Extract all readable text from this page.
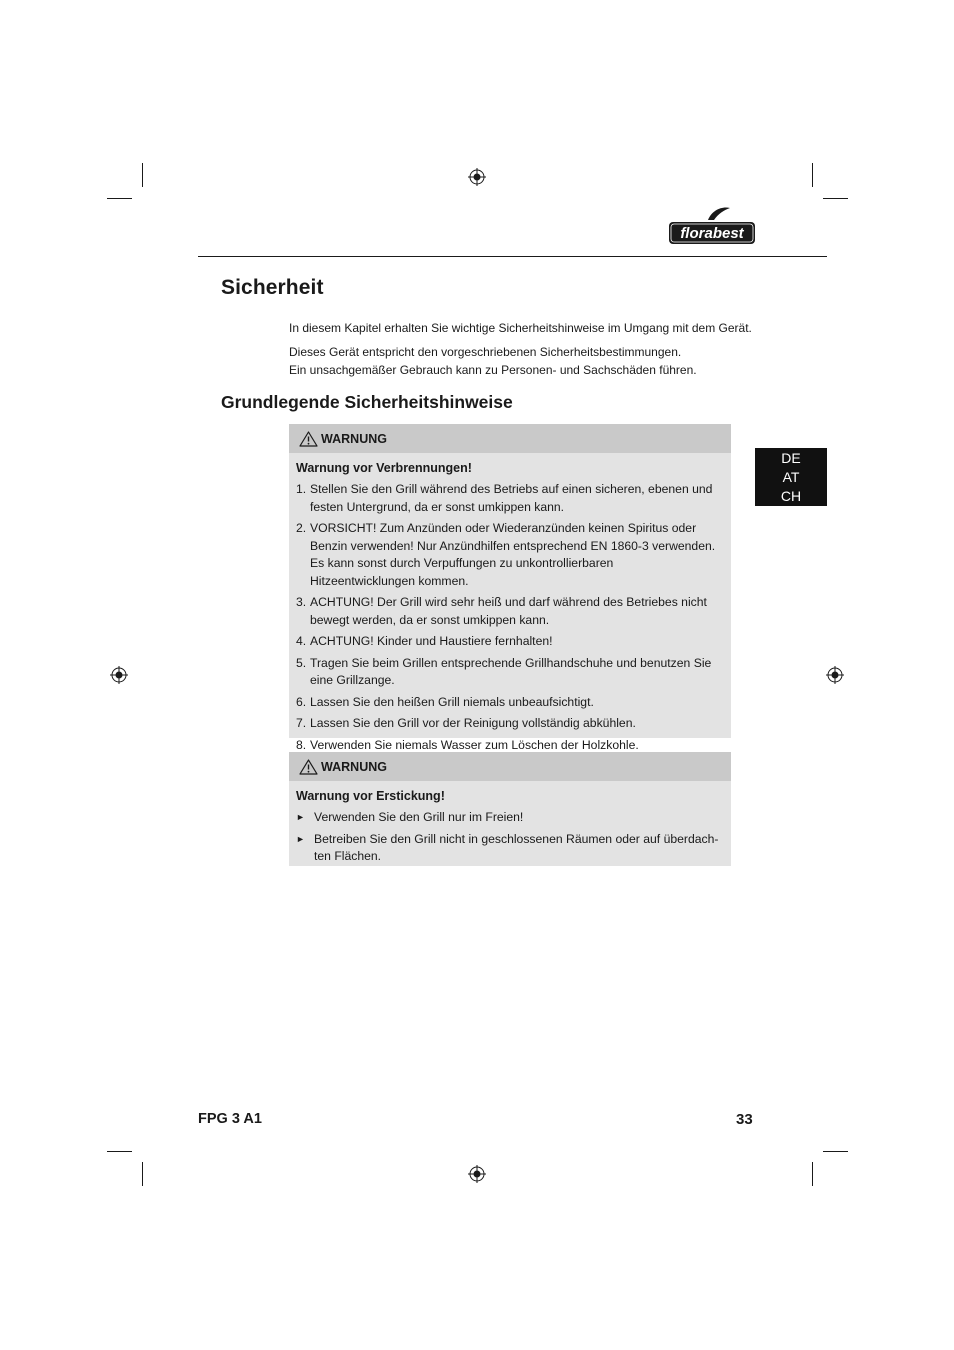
florabest
Sicherheit
In diesem Kapitel erhalten Sie wichtige Sicherheitshinweise im Umgang mit dem Gerät.
Dieses Gerät entspricht den vorgeschriebenen Sicherheitsbestimmungen.
Ein unsachgemäßer Gebrauch kann zu Personen- und Sachschäden führen.
Grundlegende Sicherheitshinweise
WARNUNG
Warnung vor Verbrennungen!
1. Stellen Sie den Grill während des Betriebs auf einen sicheren, ebenen und festen Untergrund, da er sonst umkippen kann.
2. VORSICHT! Zum Anzünden oder Wiederanzünden keinen Spiritus oder Benzin verwenden! Nur Anzündhilfen entsprechend EN 1860-3 verwenden. Es kann sonst durch Verpuffungen zu unkontrollierbaren Hitzeentwicklungen kommen.
3. ACHTUNG! Der Grill wird sehr heiß und darf während des Betriebes nicht bewegt werden, da er sonst umkippen kann.
4. ACHTUNG! Kinder und Haustiere fernhalten!
5. Tragen Sie beim Grillen entsprechende Grillhandschuhe und benutzen Sie eine Grillzange.
6. Lassen Sie den heißen Grill niemals unbeaufsichtigt.
7. Lassen Sie den Grill vor der Reinigung vollständig abkühlen.
8. Verwenden Sie niemals Wasser zum Löschen der Holzkohle.
WARNUNG
Warnung vor Erstickung!
► Verwenden Sie den Grill nur im Freien!
► Betreiben Sie den Grill nicht in geschlossenen Räumen oder auf überdach-ten Flächen.
DE
AT
CH
FPG 3 A1	33
